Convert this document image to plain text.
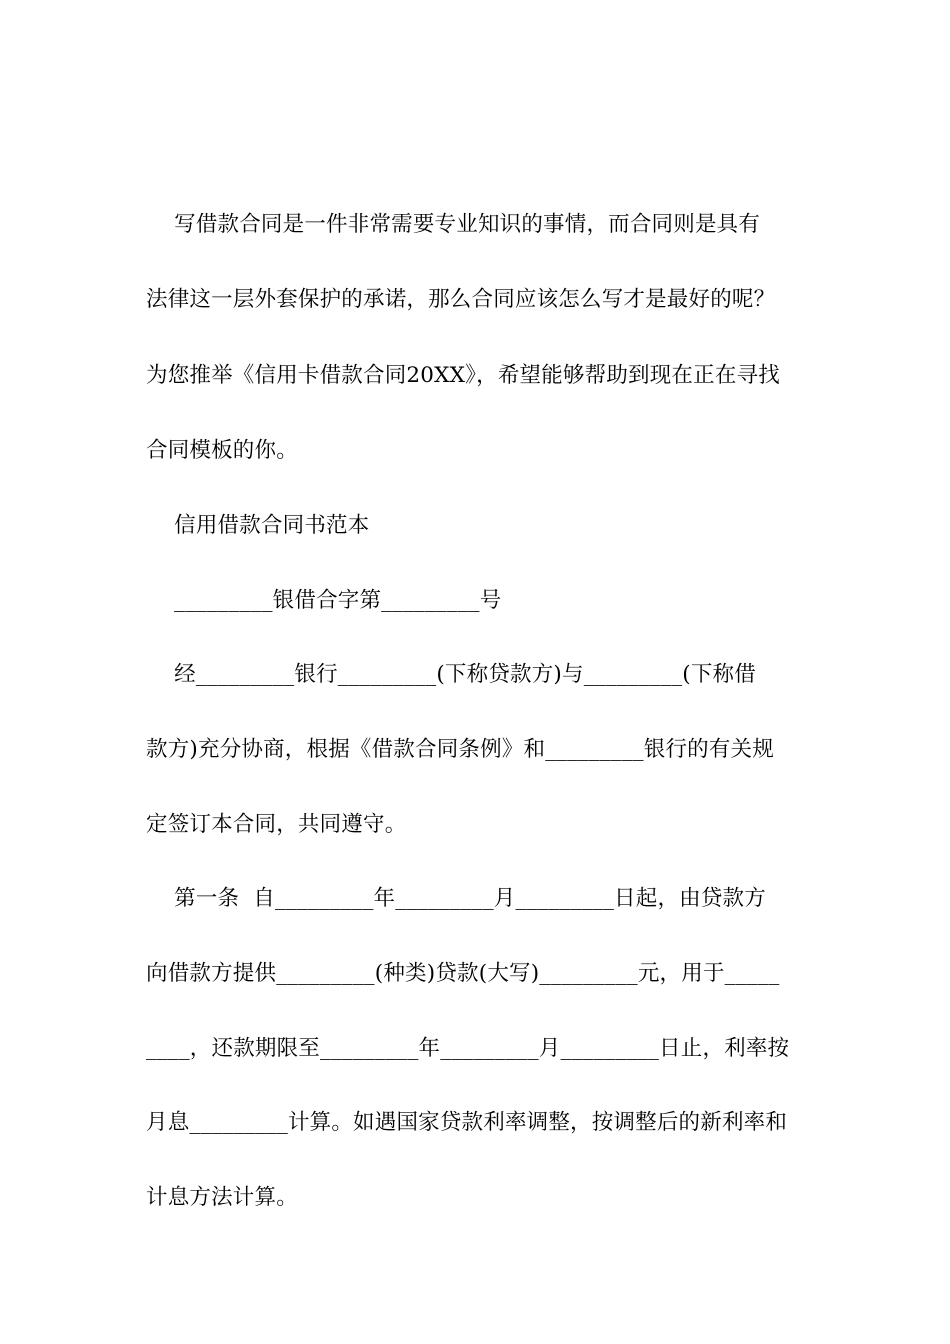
写借款合同是一件非常需要专业知识的事情，而合同则是具有
法律这一层外套保护的承诺，那么合同应该怎么写才是最好的呢？
为您推举《信用卡借款合同20XX》，希望能够帮助到现在正在寻找
合同模板的你。
信用借款合同书范本
_________银借合字第_________号
经_________银行_________(下称贷款方)与_________(下称借
款方)充分协商，根据《借款合同条例》和_________银行的有关规
定签订本合同，共同遵守。
第一条  自_________年_________月_________日起，由贷款方
向借款方提供_________(种类)贷款(大写)_________元，用于_____
____，还款期限至_________年_________月_________日止，利率按
月息_________计算。如遇国家贷款利率调整，按调整后的新利率和
计息方法计算。
